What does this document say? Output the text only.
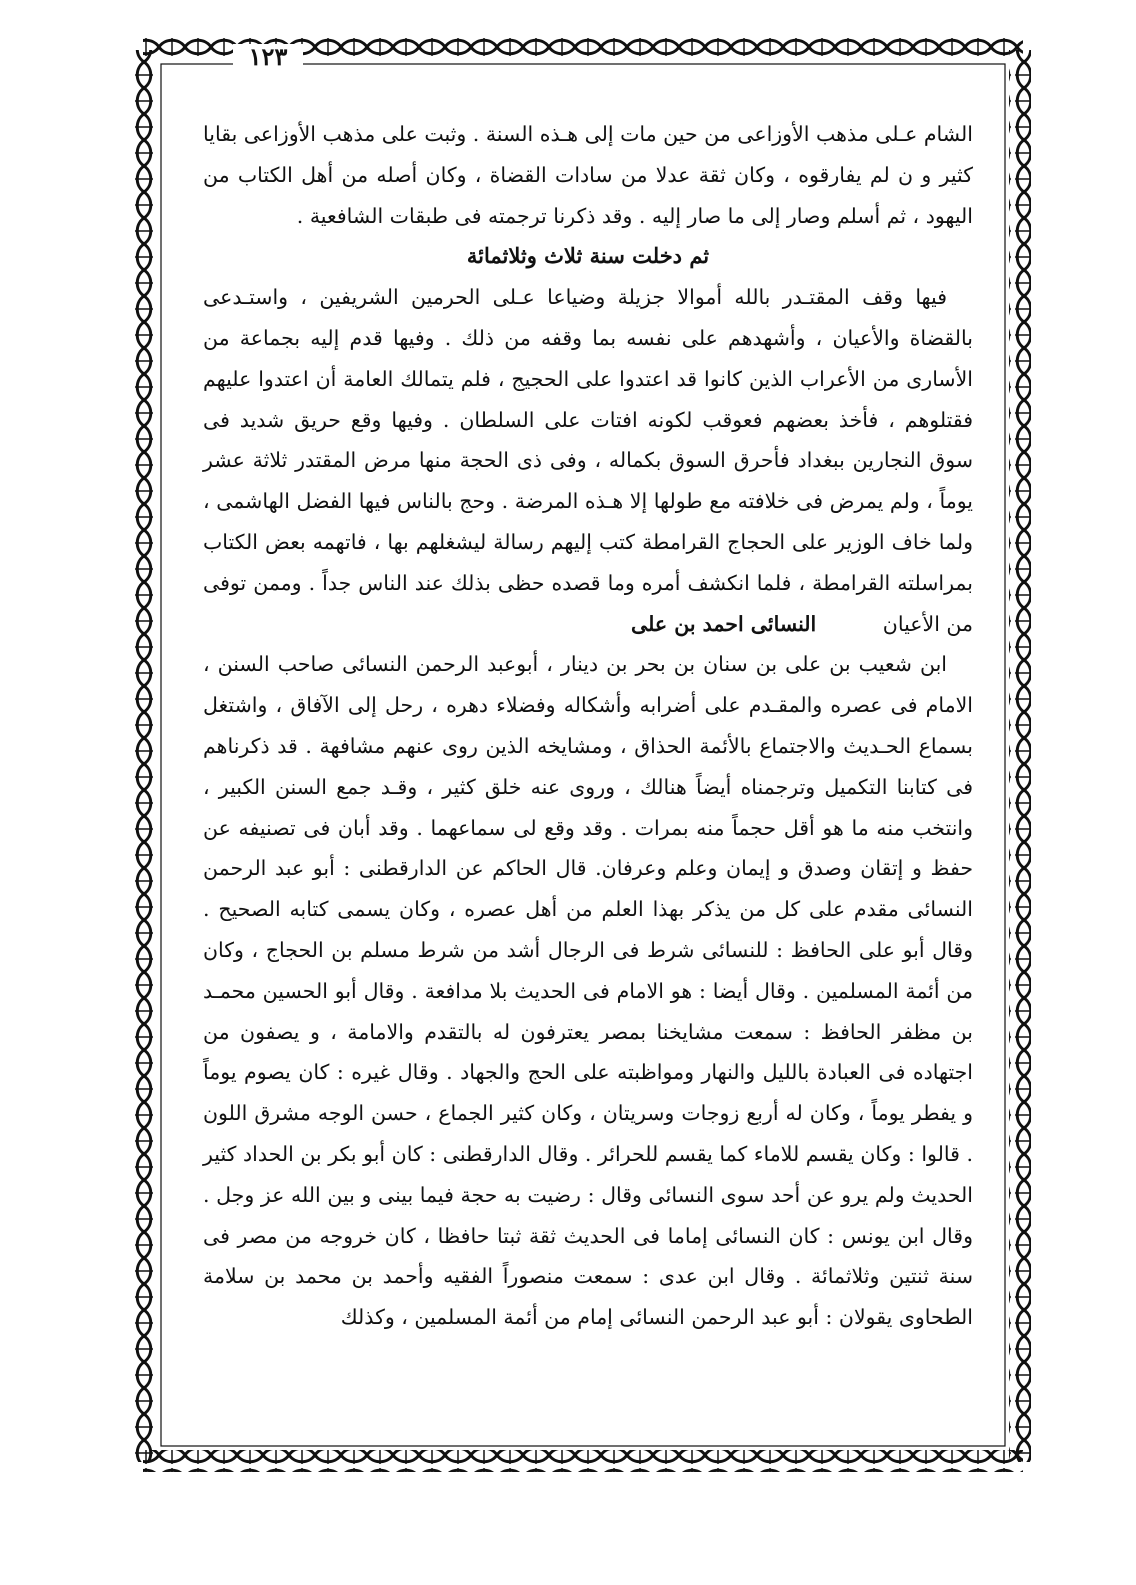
١٢٣

الشام عـلى مذهب الأوزاعى من حين مات إلى هـذه السنة . وثبت على مذهب الأوزاعى بقايا كثير و ن لم يفارقوه ، وكان ثقة عدلا من سادات القضاة ، وكان أصله من أهل الكتاب من اليهود ، ثم أسلم وصار إلى ما صار إليه . وقد ذكرنا ترجمته فى طبقات الشافعية .

ثم دخلت سنة ثلاث وثلاثمائة

فيها وقف المقتـدر بالله أموالا جزيلة وضياعا عـلى الحرمين الشريفين ، واستـدعى بالقضاة والأعيان ، وأشهدهم على نفسه بما وقفه من ذلك . وفيها قدم إليه بجماعة من الأسارى من الأعراب الذين كانوا قد اعتدوا على الحجيج ، فلم يتمالك العامة أن اعتدوا عليهم فقتلوهم ، فأخذ بعضهم فعوقب لكونه افتات على السلطان . وفيها وقع حريق شديد فى سوق النجارين ببغداد فأحرق السوق بكماله ، وفى ذى الحجة منها مرض المقتدر ثلاثة عشر يوماً ، ولم يمرض فى خلافته مع طولها إلا هـذه المرضة . وحج بالناس فيها الفضل الهاشمى ، ولما خاف الوزير على الحجاج القرامطة كتب إليهم رسالة ليشغلهم بها ، فاتهمه بعض الكتاب بمراسلته القرامطة ، فلما انكشف أمره وما قصده حظى بذلك عند الناس جداً . وممن توفى من الأعيان النسائى احمد بن على

ابن شعيب بن على بن سنان بن بحر بن دينار ، أبوعبد الرحمن النسائى صاحب السنن ، الامام فى عصره والمقـدم على أضرابه وأشكاله وفضلاء دهره ، رحل إلى الآفاق ، واشتغل بسماع الحـديث والاجتماع بالأئمة الحذاق ، ومشايخه الذين روى عنهم مشافهة . قد ذكرناهم فى كتابنا التكميل وترجمناه أيضاً هنالك ، وروى عنه خلق كثير ، وقـد جمع السنن الكبير ، وانتخب منه ما هو أقل حجماً منه بمرات . وقد وقع لى سماعهما . وقد أبان فى تصنيفه عن حفظ و إتقان وصدق و إيمان وعلم وعرفان. قال الحاكم عن الدارقطنى : أبو عبد الرحمن النسائى مقدم على كل من يذكر بهذا العلم من أهل عصره ، وكان يسمى كتابه الصحيح . وقال أبو على الحافظ : للنسائى شرط فى الرجال أشد من شرط مسلم بن الحجاج ، وكان من أئمة المسلمين . وقال أيضا : هو الامام فى الحديث بلا مدافعة . وقال أبو الحسين محمـد بن مظفر الحافظ : سمعت مشايخنا بمصر يعترفون له بالتقدم والامامة ، و يصفون من اجتهاده فى العبادة بالليل والنهار ومواظبته على الحج والجهاد . وقال غيره : كان يصوم يوماً و يفطر يوماً ، وكان له أربع زوجات وسريتان ، وكان كثير الجماع ، حسن الوجه مشرق اللون . قالوا : وكان يقسم للاماء كما يقسم للحرائر . وقال الدارقطنى : كان أبو بكر بن الحداد كثير الحديث ولم يرو عن أحد سوى النسائى وقال : رضيت به حجة فيما بينى و بين الله عز وجل . وقال ابن يونس : كان النسائى إماما فى الحديث ثقة ثبتا حافظا ، كان خروجه من مصر فى سنة ثنتين وثلاثمائة . وقال ابن عدى : سمعت منصوراً الفقيه وأحمد بن محمد بن سلامة الطحاوى يقولان : أبو عبد الرحمن النسائى إمام من أئمة المسلمين ، وكذلك
